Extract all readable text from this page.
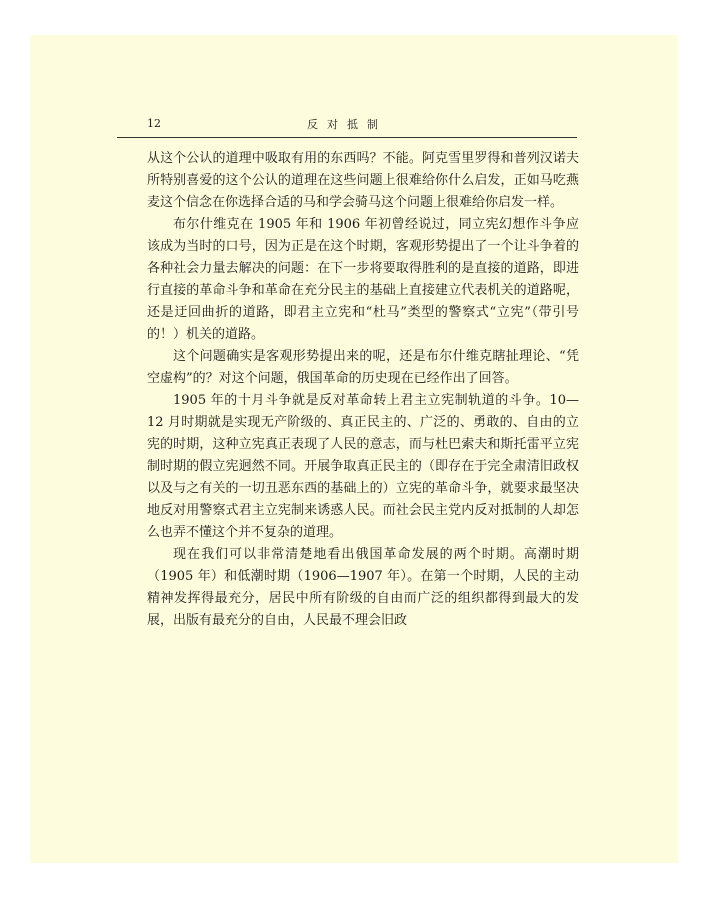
12	反对抵制

从这个公认的道理中吸取有用的东西吗？不能。阿克雪里罗得和普列汉诺夫所特别喜爱的这个公认的道理在这些问题上很难给你什么启发，正如马吃燕麦这个信念在你选择合适的马和学会骑马这个问题上很难给你启发一样。

布尔什维克在 1905 年和 1906 年初曾经说过，同立宪幻想作斗争应该成为当时的口号，因为正是在这个时期，客观形势提出了一个让斗争着的各种社会力量去解决的问题：在下一步将要取得胜利的是直接的道路，即进行直接的革命斗争和革命在充分民主的基础上直接建立代表机关的道路呢，还是迂回曲折的道路，即君主立宪和“杜马”类型的警察式“立宪”（带引号的！）机关的道路。

这个问题确实是客观形势提出来的呢，还是布尔什维克瞎扯理论、“凭空虚构”的？对这个问题，俄国革命的历史现在已经作出了回答。

1905 年的十月斗争就是反对革命转上君主立宪制轨道的斗争。10—12 月时期就是实现无产阶级的、真正民主的、广泛的、勇敢的、自由的立宪的时期，这种立宪真正表现了人民的意志，而与杜巴索夫和斯托雷平立宪制时期的假立宪迥然不同。开展争取真正民主的（即存在于完全肃清旧政权以及与之有关的一切丑恶东西的基础上的）立宪的革命斗争，就要求最坚决地反对用警察式君主立宪制来诱惑人民。而社会民主党内反对抵制的人却怎么也弄不懂这个并不复杂的道理。

现在我们可以非常清楚地看出俄国革命发展的两个时期。高潮时期（1905 年）和低潮时期（1906—1907 年）。在第一个时期，人民的主动精神发挥得最充分，居民中所有阶级的自由而广泛的组织都得到最大的发展，出版有最充分的自由，人民最不理会旧政
